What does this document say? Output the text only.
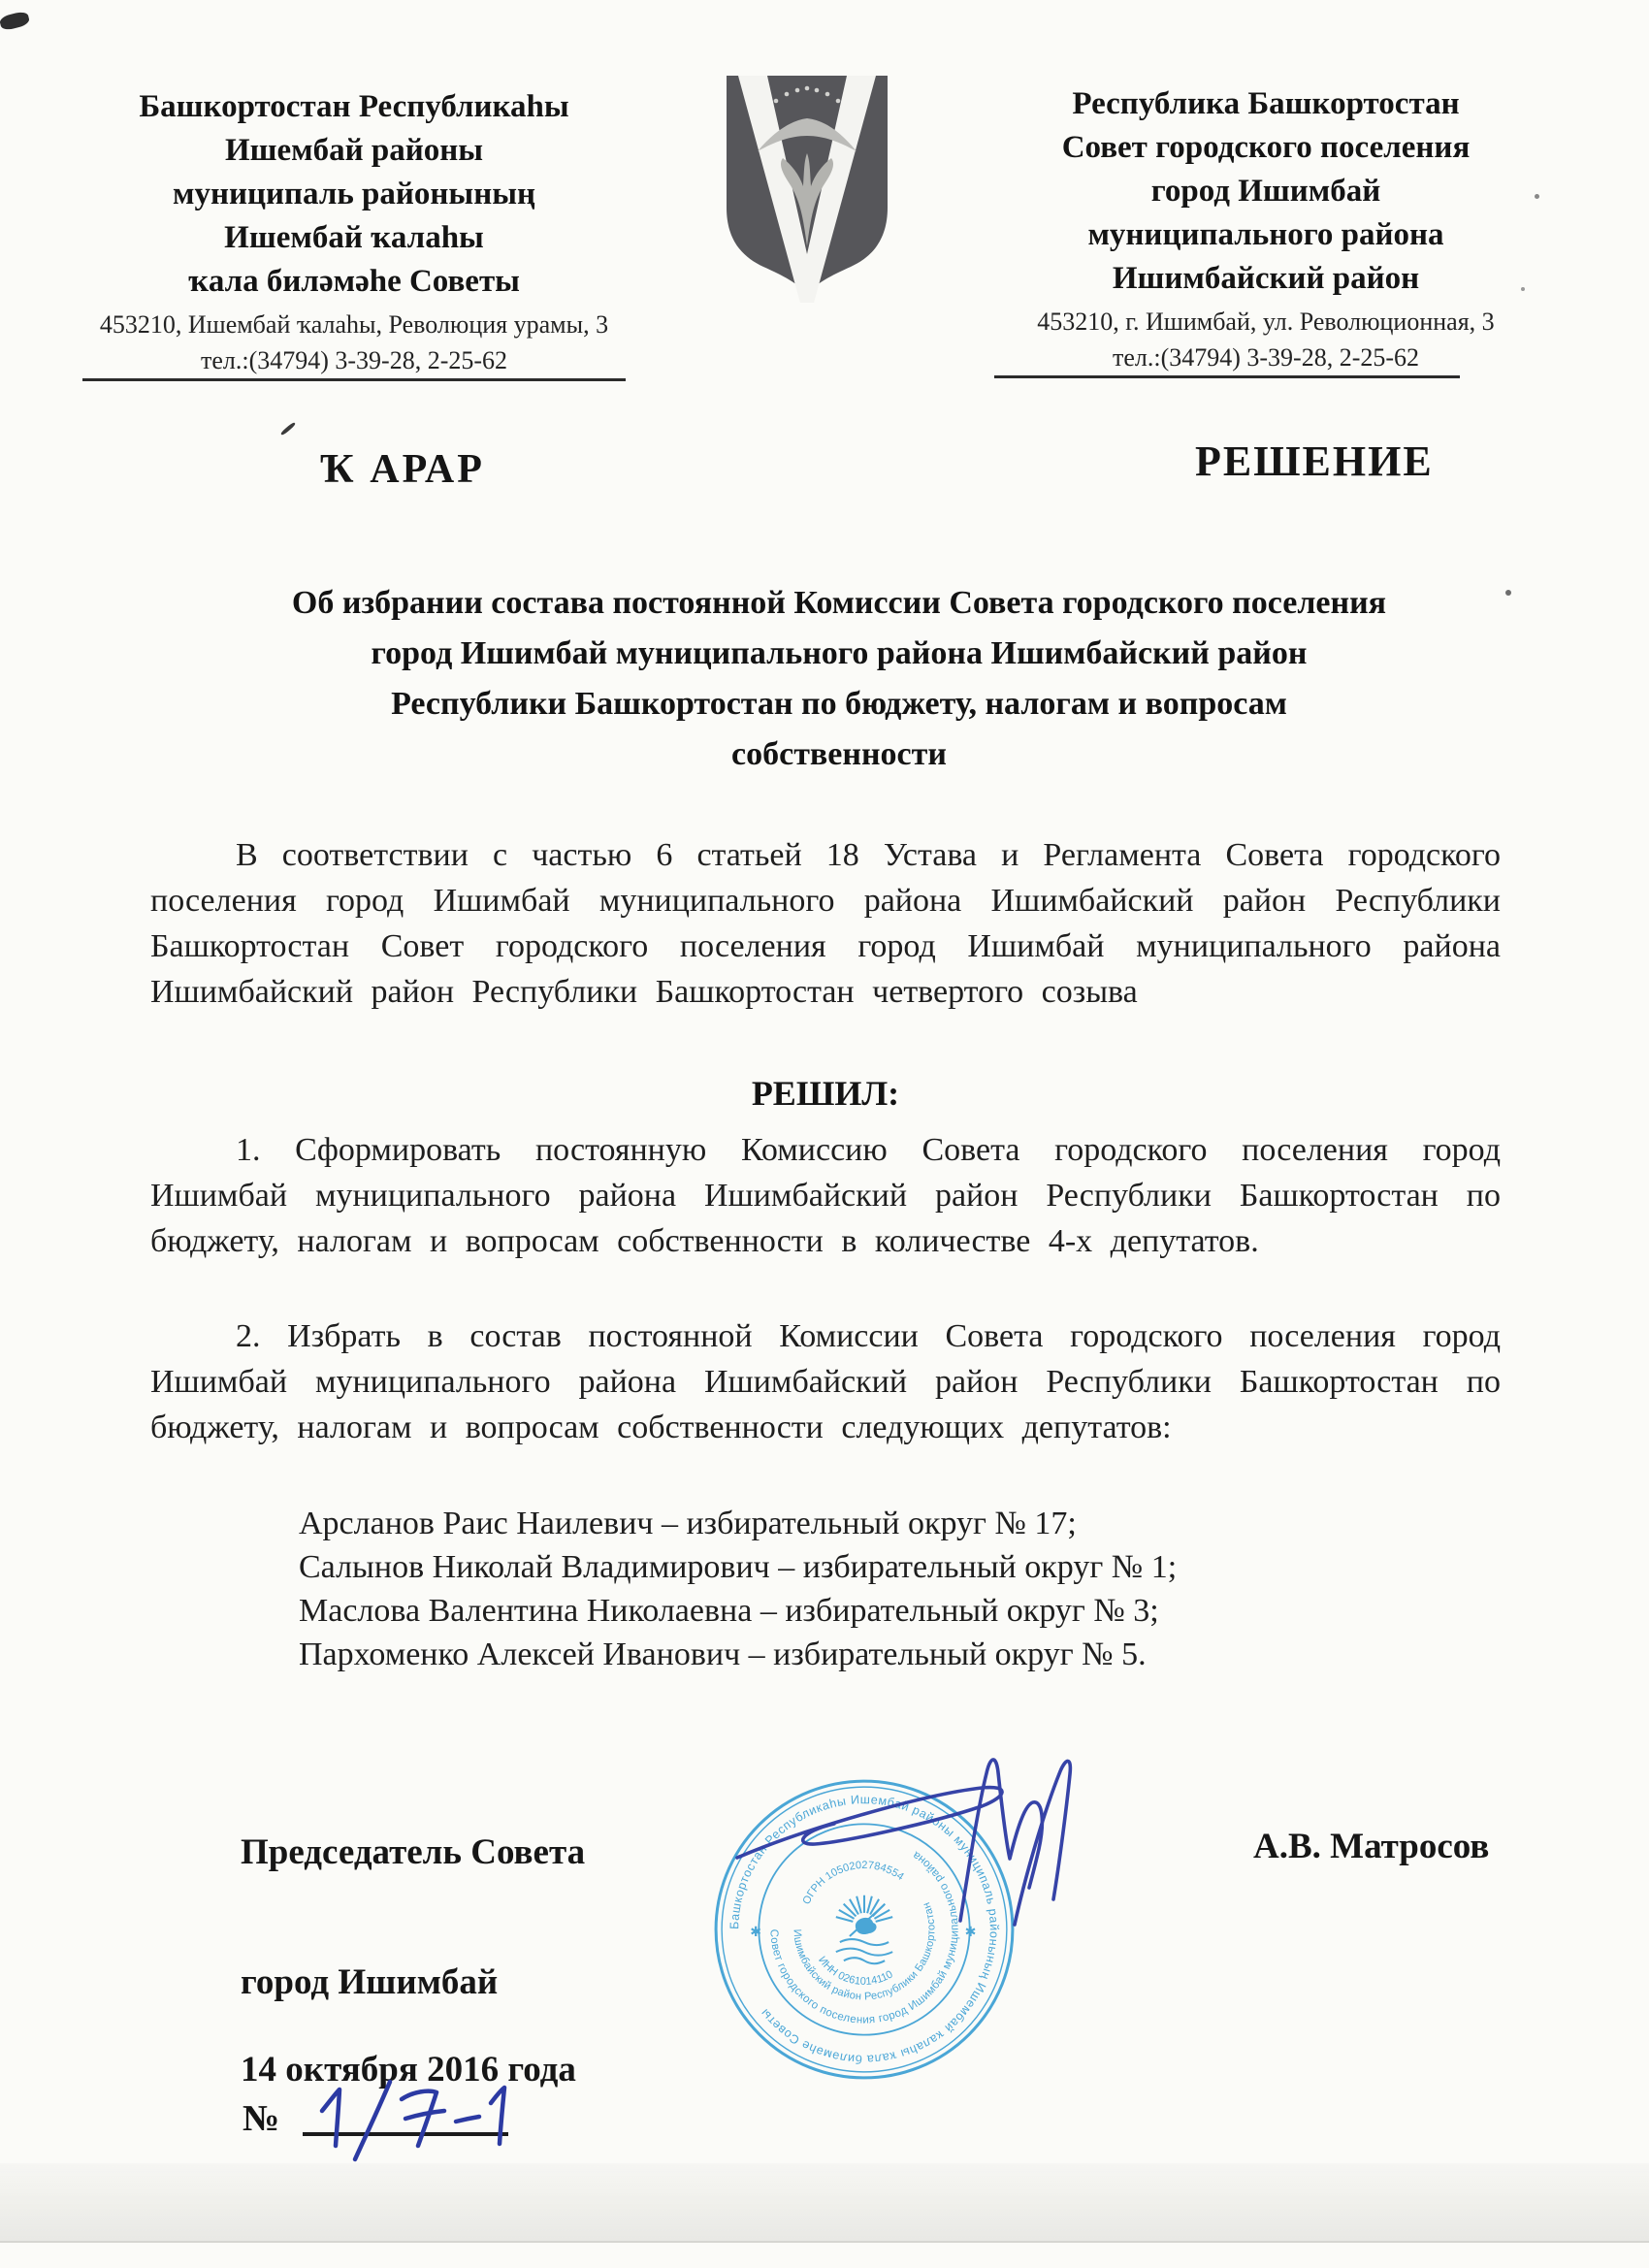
Башкортостан Республикаһы
Ишембай районы
муниципаль районының
Ишембай ҡалаһы
ҡала биләмәһе Советы
453210, Ишембай ҡалаһы, Революция урамы, 3
тел.:(34794) 3-39-28, 2-25-62
Республика Башкортостан
Совет городского поселения
город Ишимбай
муниципального района
Ишимбайский район
453210, г. Ишимбай, ул. Революционная, 3
тел.:(34794) 3-39-28, 2-25-62
Ҡ АРАР	РЕШЕНИЕ
Об избрании состава постоянной Комиссии Совета городского поселения
город Ишимбай муниципального района Ишимбайский район
Республики Башкортостан по бюджету, налогам и вопросам
собственности
В соответствии с частью 6 статьей 18 Устава и Регламента Совета городского поселения город Ишимбай муниципального района Ишимбайский район Республики Башкортостан Совет городского поселения город Ишимбай муниципального района Ишимбайский район Республики Башкортостан четвертого созыва
РЕШИЛ:
1. Сформировать постоянную Комиссию Совета городского поселения город Ишимбай муниципального района Ишимбайский район Республики Башкортостан по бюджету, налогам и вопросам собственности в количестве 4-х депутатов.
2. Избрать в состав постоянной Комиссии Совета городского поселения город Ишимбай муниципального района Ишимбайский район Республики Башкортостан по бюджету, налогам и вопросам собственности следующих депутатов:
Арсланов Раис Наилевич – избирательный округ № 17;
Салынов Николай Владимирович – избирательный округ № 1;
Маслова Валентина Николаевна – избирательный округ № 3;
Пархоменко Алексей Иванович – избирательный округ № 5.
Председатель Совета	А.В. Матросов
город Ишимбай
14 октября 2016 года
№
Башкортостан Республикаһы Ишембай районы муниципаль районының Ишембай ҡалаһы ҡала биләмәһе Советы
Совет городского поселения город Ишимбай муниципального района
Ишимбайский район Республики Башкортостан
ОГРН 1050202784554
ИНН 0261014110
✱	✱
